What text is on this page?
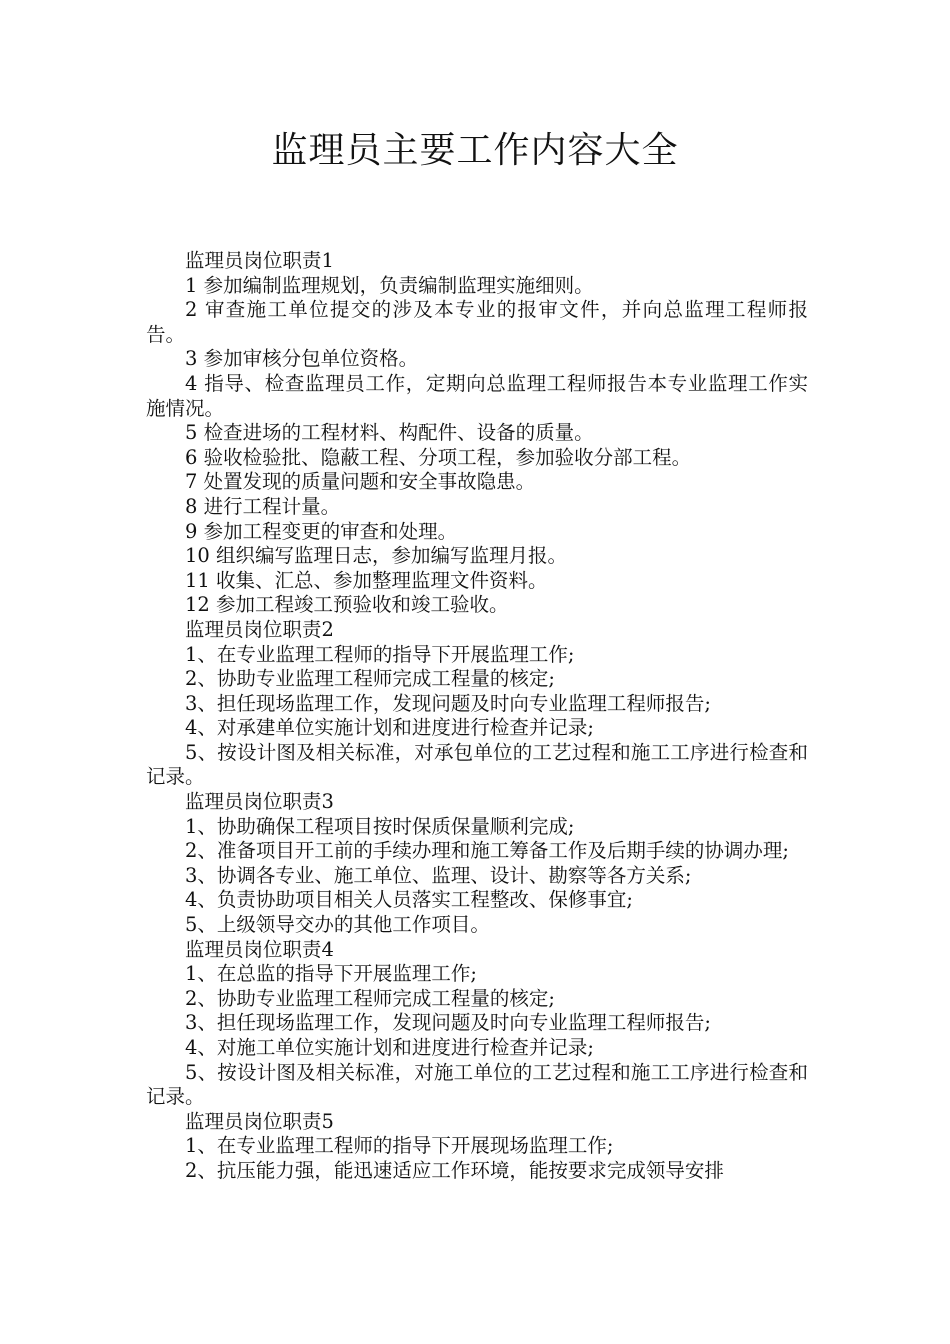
监理员主要工作内容大全

监理员岗位职责1

1 参加编制监理规划，负责编制监理实施细则。

2 审查施工单位提交的涉及本专业的报审文件，并向总监理工程师报告。

3 参加审核分包单位资格。

4 指导、检查监理员工作，定期向总监理工程师报告本专业监理工作实施情况。

5 检查进场的工程材料、构配件、设备的质量。

6 验收检验批、隐蔽工程、分项工程，参加验收分部工程。

7 处置发现的质量问题和安全事故隐患。

8 进行工程计量。

9 参加工程变更的审查和处理。

10 组织编写监理日志，参加编写监理月报。

11 收集、汇总、参加整理监理文件资料。

12 参加工程竣工预验收和竣工验收。

监理员岗位职责2

1、在专业监理工程师的指导下开展监理工作;

2、协助专业监理工程师完成工程量的核定;

3、担任现场监理工作，发现问题及时向专业监理工程师报告;

4、对承建单位实施计划和进度进行检查并记录;

5、按设计图及相关标准，对承包单位的工艺过程和施工工序进行检查和记录。

监理员岗位职责3

1、协助确保工程项目按时保质保量顺利完成;

2、准备项目开工前的手续办理和施工筹备工作及后期手续的协调办理;

3、协调各专业、施工单位、监理、设计、勘察等各方关系;

4、负责协助项目相关人员落实工程整改、保修事宜;

5、上级领导交办的其他工作项目。

监理员岗位职责4

1、在总监的指导下开展监理工作;

2、协助专业监理工程师完成工程量的核定;

3、担任现场监理工作，发现问题及时向专业监理工程师报告;

4、对施工单位实施计划和进度进行检查并记录;

5、按设计图及相关标准，对施工单位的工艺过程和施工工序进行检查和记录。

监理员岗位职责5

1、在专业监理工程师的指导下开展现场监理工作;

2、抗压能力强，能迅速适应工作环境，能按要求完成领导安排
